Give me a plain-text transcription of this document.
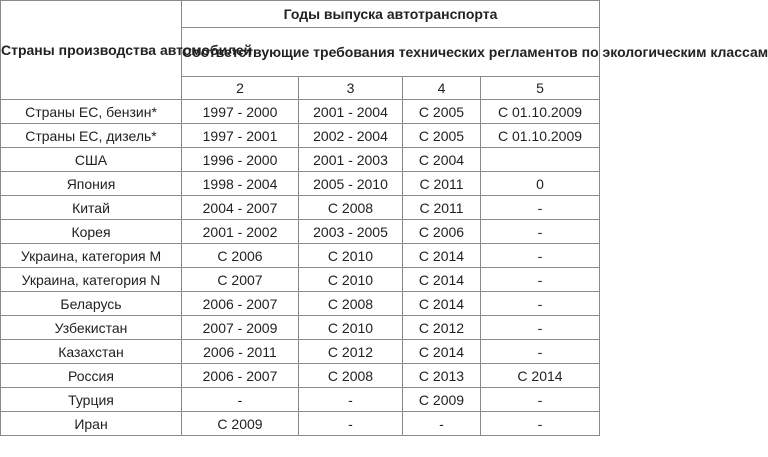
Страны производства автомобилей	Годы выпуска автотранспорта			
	Соответствующие требования технических регламентов по экологическим классам			
	2	3	4	5
Страны ЕС, бензин*	1997 - 2000	2001 - 2004	С 2005	С 01.10.2009
Страны ЕС, дизель*	1997 - 2001	2002 - 2004	С 2005	С 01.10.2009
США	1996 - 2000	2001 - 2003	С 2004	
Япония	1998 - 2004	2005 - 2010	С 2011	0
Китай	2004 - 2007	С 2008	С 2011	-
Корея	2001 - 2002	2003 - 2005	С 2006	-
Украина, категория M	С 2006	С 2010	С 2014	-
Украина, категория N	С 2007	С 2010	С 2014	-
Беларусь	2006 - 2007	С 2008	С 2014	-
Узбекистан	2007 - 2009	С 2010	С 2012	-
Казахстан	2006 - 2011	С 2012	С 2014	-
Россия	2006 - 2007	С 2008	С 2013	С 2014
Турция	-	-	С 2009	-
Иран	С 2009	-	-	-
